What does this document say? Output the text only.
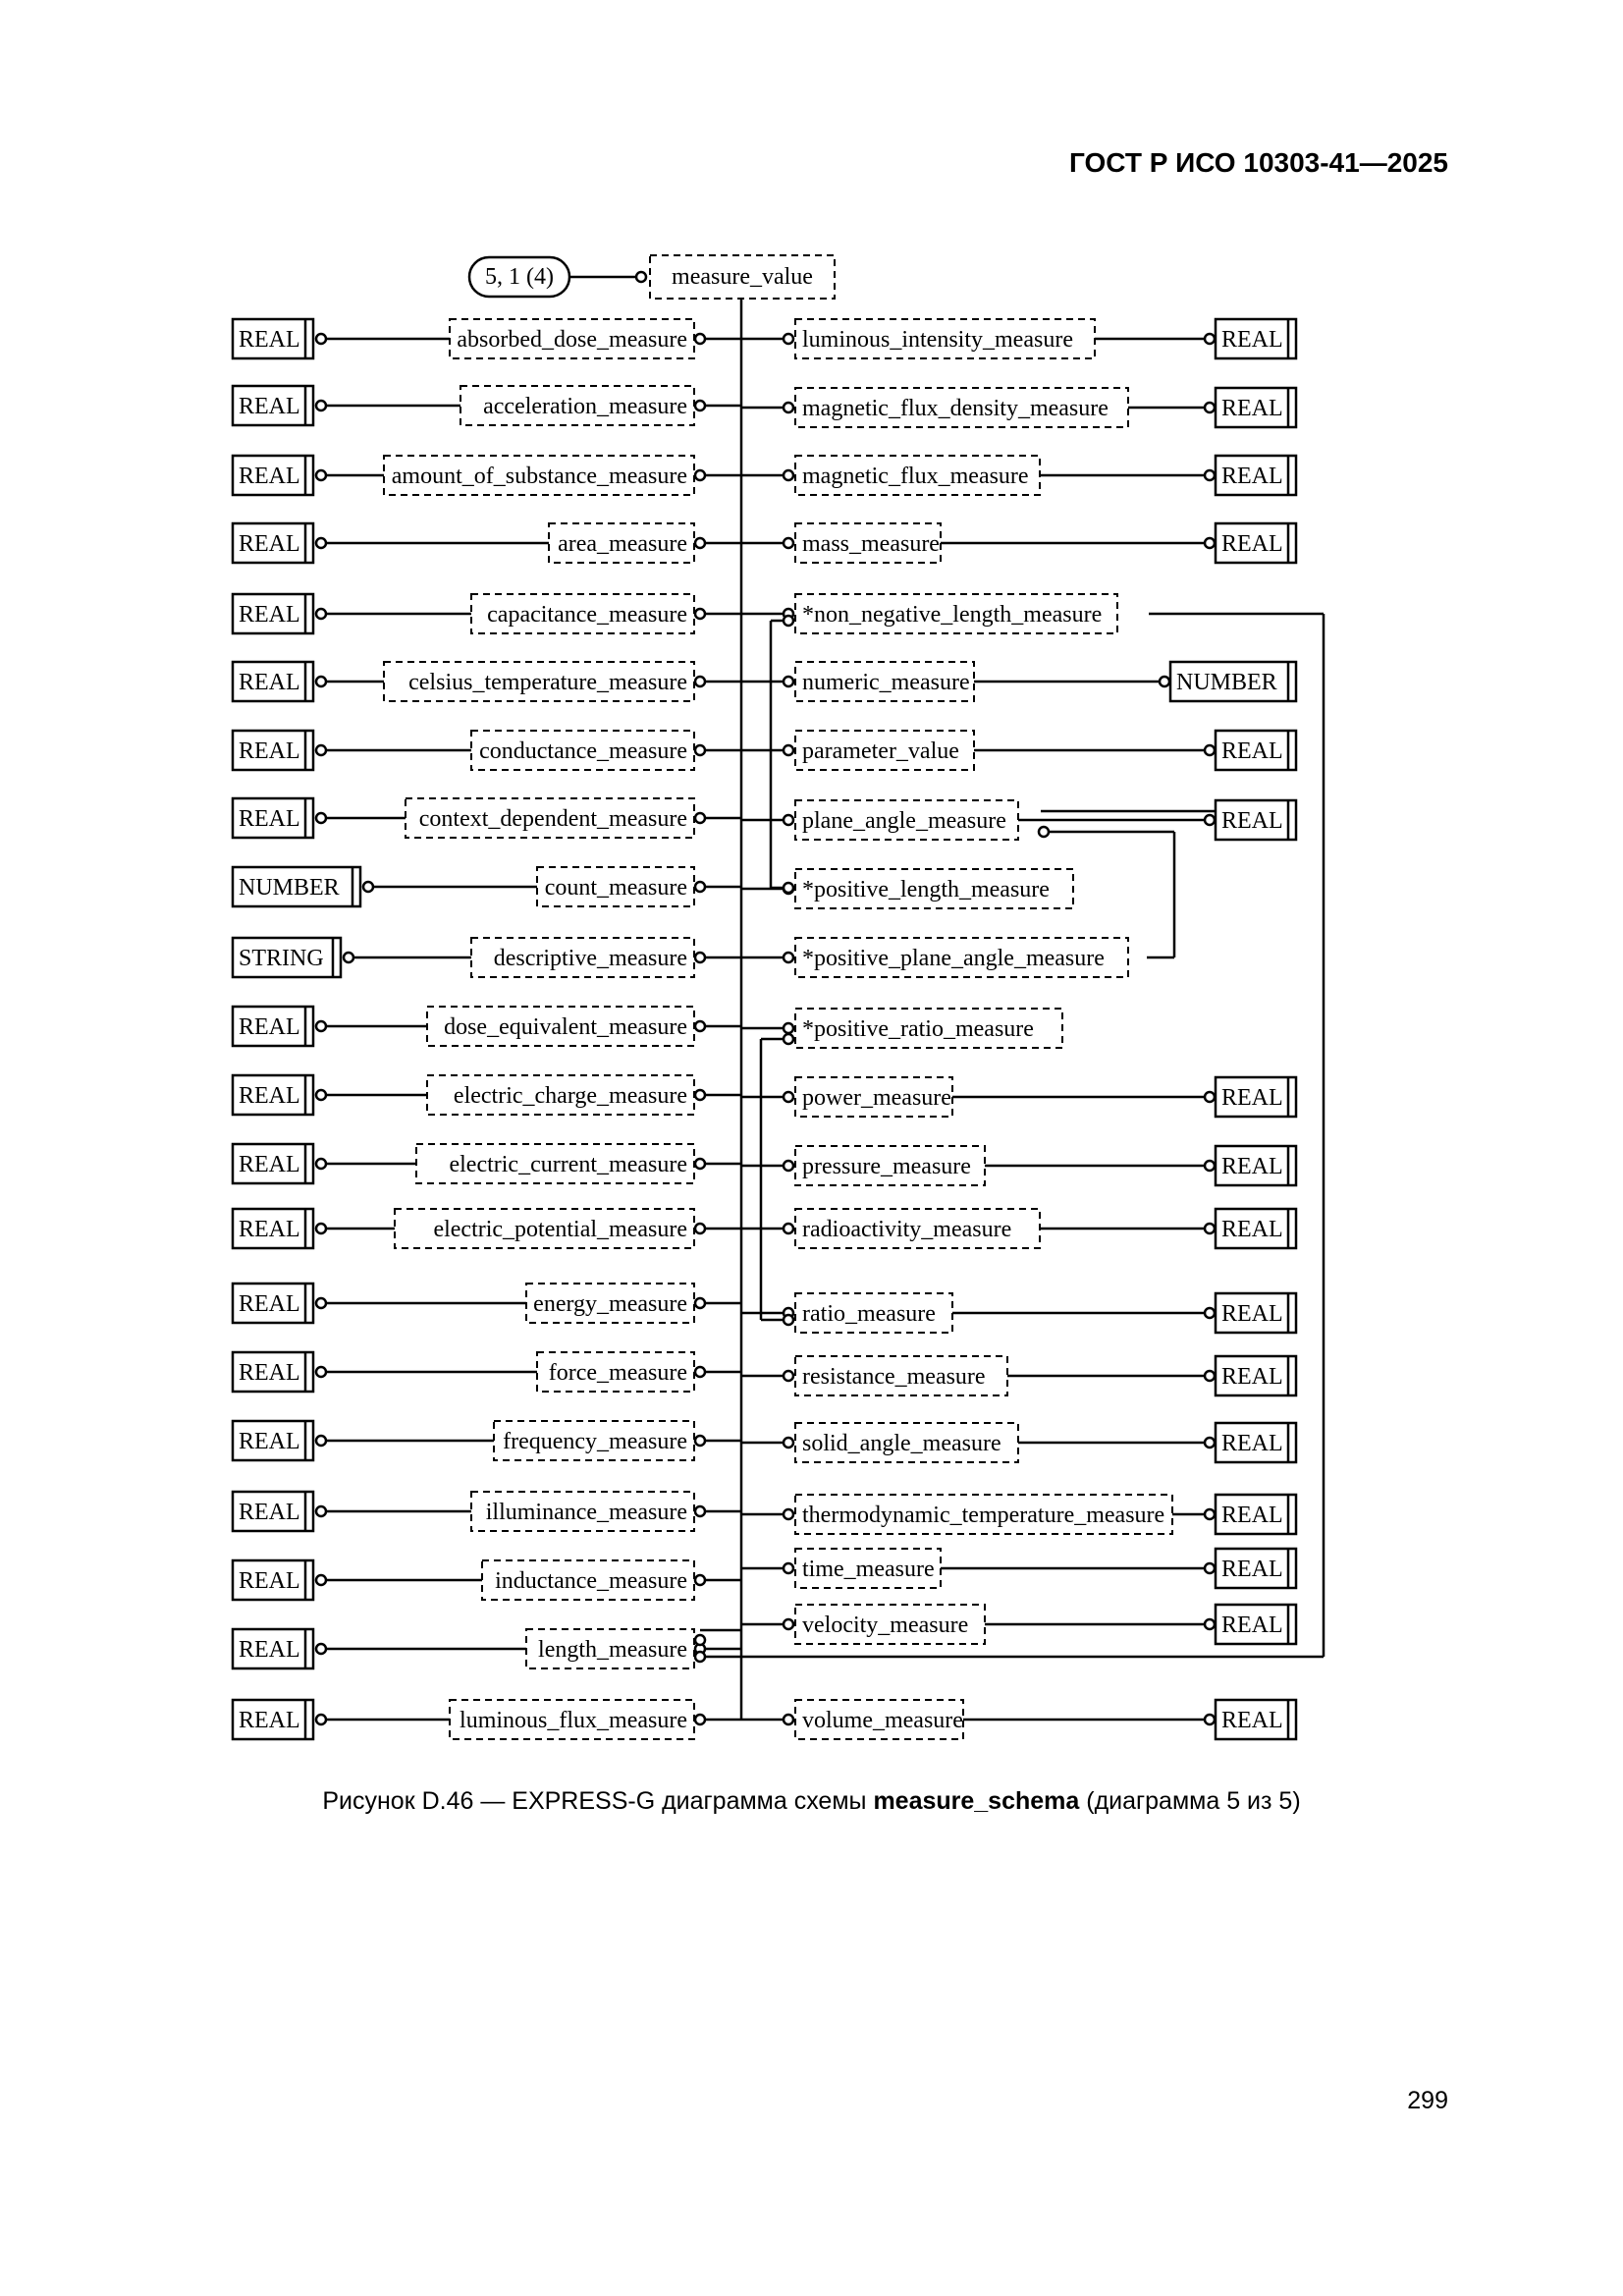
ГОСТ Р ИСО 10303-41—2025
5, 1 (4)	measure_value
absorbed_dose_measure
REAL
acceleration_measure
REAL
amount_of_substance_measure
REAL
area_measure
REAL
capacitance_measure
REAL
celsius_temperature_measure
REAL
conductance_measure
REAL
context_dependent_measure
REAL
count_measure
NUMBER
descriptive_measure
STRING
dose_equivalent_measure
REAL
electric_charge_measure
REAL
electric_current_measure
REAL
electric_potential_measure
REAL
energy_measure
REAL
force_measure
REAL
frequency_measure
REAL
illuminance_measure
REAL
inductance_measure
REAL
length_measure
REAL
luminous_flux_measure
REAL
luminous_intensity_measure	REAL
magnetic_flux_density_measure	REAL
magnetic_flux_measure	REAL
mass_measure	REAL
*non_negative_length_measure
numeric_measure	NUMBER
parameter_value	REAL
plane_angle_measure	REAL
*positive_length_measure
*positive_plane_angle_measure
*positive_ratio_measure
power_measure	REAL
pressure_measure	REAL
radioactivity_measure	REAL
ratio_measure	REAL
resistance_measure	REAL
solid_angle_measure	REAL
thermodynamic_temperature_measure REAL
time_measure	REAL
velocity_measure	REAL
volume_measure	REAL
Рисунок D.46 — EXPRESS-G диаграмма схемы measure_schema (диаграмма 5 из 5)
299
